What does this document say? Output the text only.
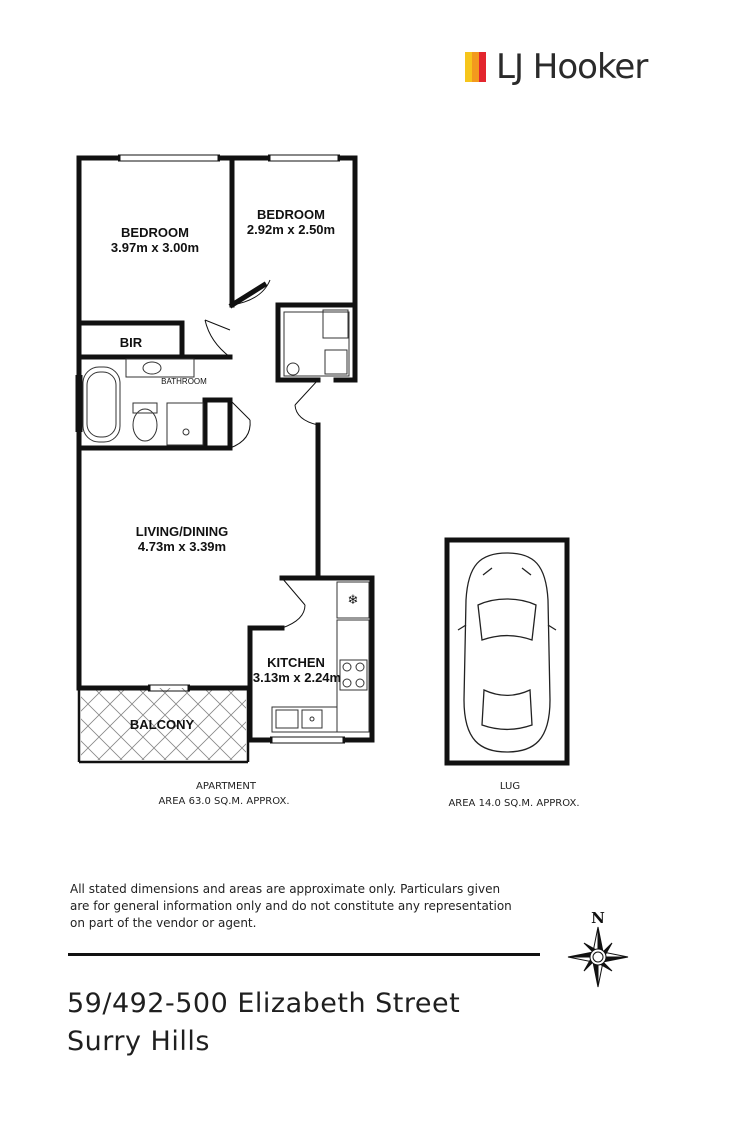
LJ Hooker
❄
BEDROOM
3.97m x 3.00m
BEDROOM
2.92m x 2.50m
BIR
BATHROOM
LIVING/DINING
4.73m x 3.39m
KITCHEN
3.13m x 2.24m
BALCONY
APARTMENT
AREA 63.0 SQ.M. APPROX.
LUG
AREA 14.0 SQ.M. APPROX.
All stated dimensions and areas are approximate only. Particulars given
are for general information only and do not constitute any representation
on part of the vendor or agent.	N
59/492-500 Elizabeth Street
Surry Hills
